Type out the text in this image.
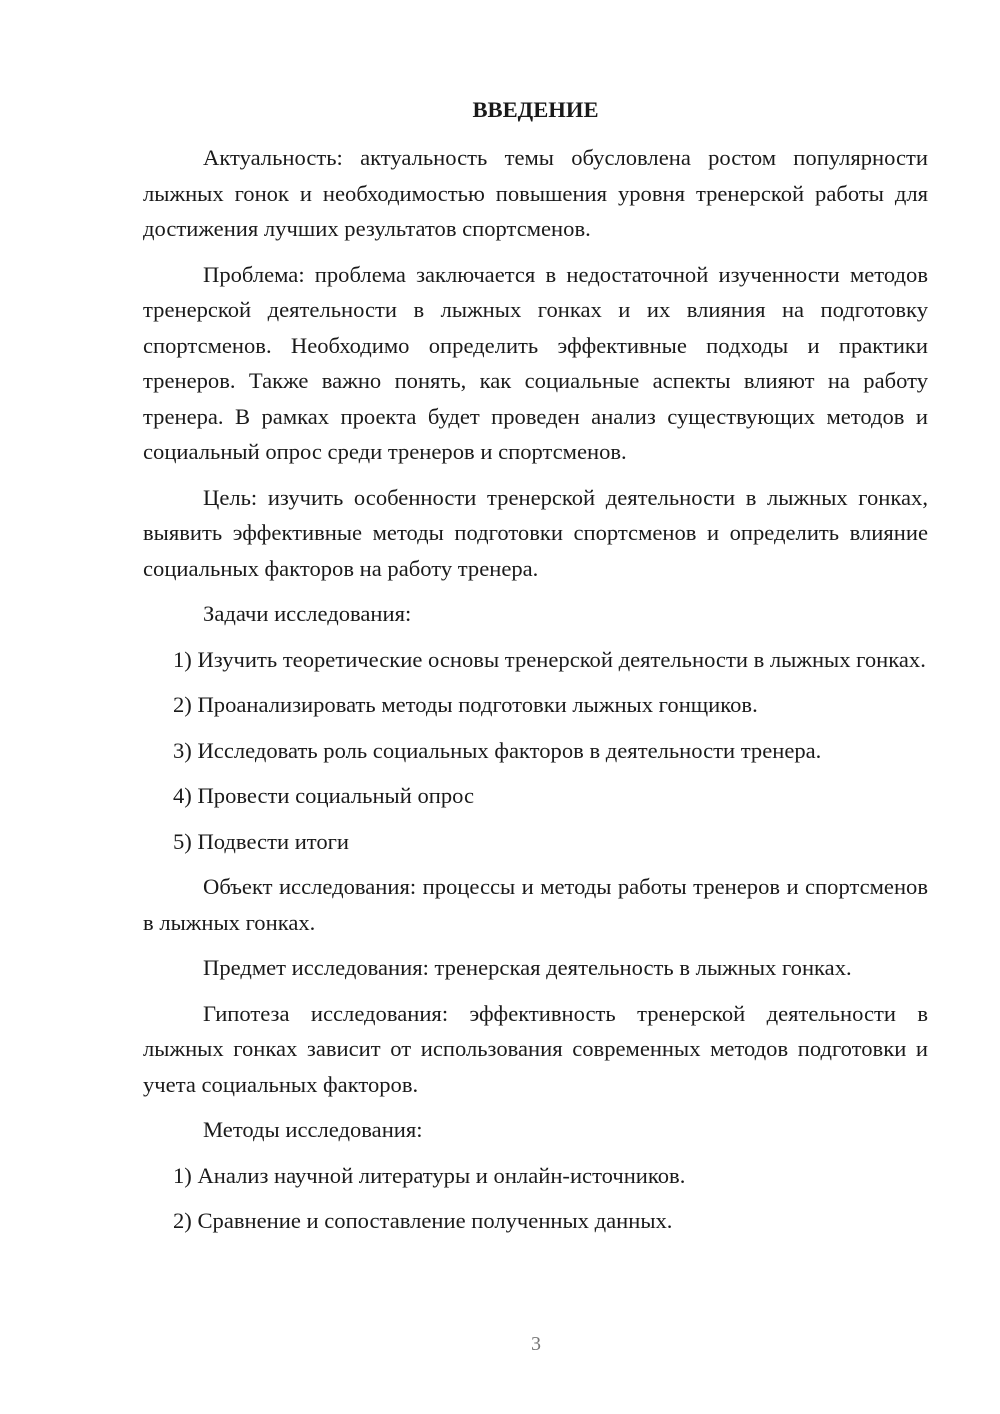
ВВЕДЕНИЕ

Актуальность: актуальность темы обусловлена ростом популярности лыжных гонок и необходимостью повышения уровня тренерской работы для достижения лучших результатов спортсменов.

Проблема: проблема заключается в недостаточной изученности методов тренерской деятельности в лыжных гонках и их влияния на подготовку спортсменов. Необходимо определить эффективные подходы и практики тренеров. Также важно понять, как социальные аспекты влияют на работу тренера. В рамках проекта будет проведен анализ существующих методов и социальный опрос среди тренеров и спортсменов.

Цель: изучить особенности тренерской деятельности в лыжных гонках, выявить эффективные методы подготовки спортсменов и определить влияние социальных факторов на работу тренера.

Задачи исследования:

1) Изучить теоретические основы тренерской деятельности в лыжных гонках.

2) Проанализировать методы подготовки лыжных гонщиков.

3) Исследовать роль социальных факторов в деятельности тренера.

4) Провести социальный опрос

5) Подвести итоги

Объект исследования: процессы и методы работы тренеров и спортсменов в лыжных гонках.

Предмет исследования: тренерская деятельность в лыжных гонках.

Гипотеза исследования: эффективность тренерской деятельности в лыжных гонках зависит от использования современных методов подготовки и учета социальных факторов.

Методы исследования:

1) Анализ научной литературы и онлайн-источников.

2) Сравнение и сопоставление полученных данных.

3
